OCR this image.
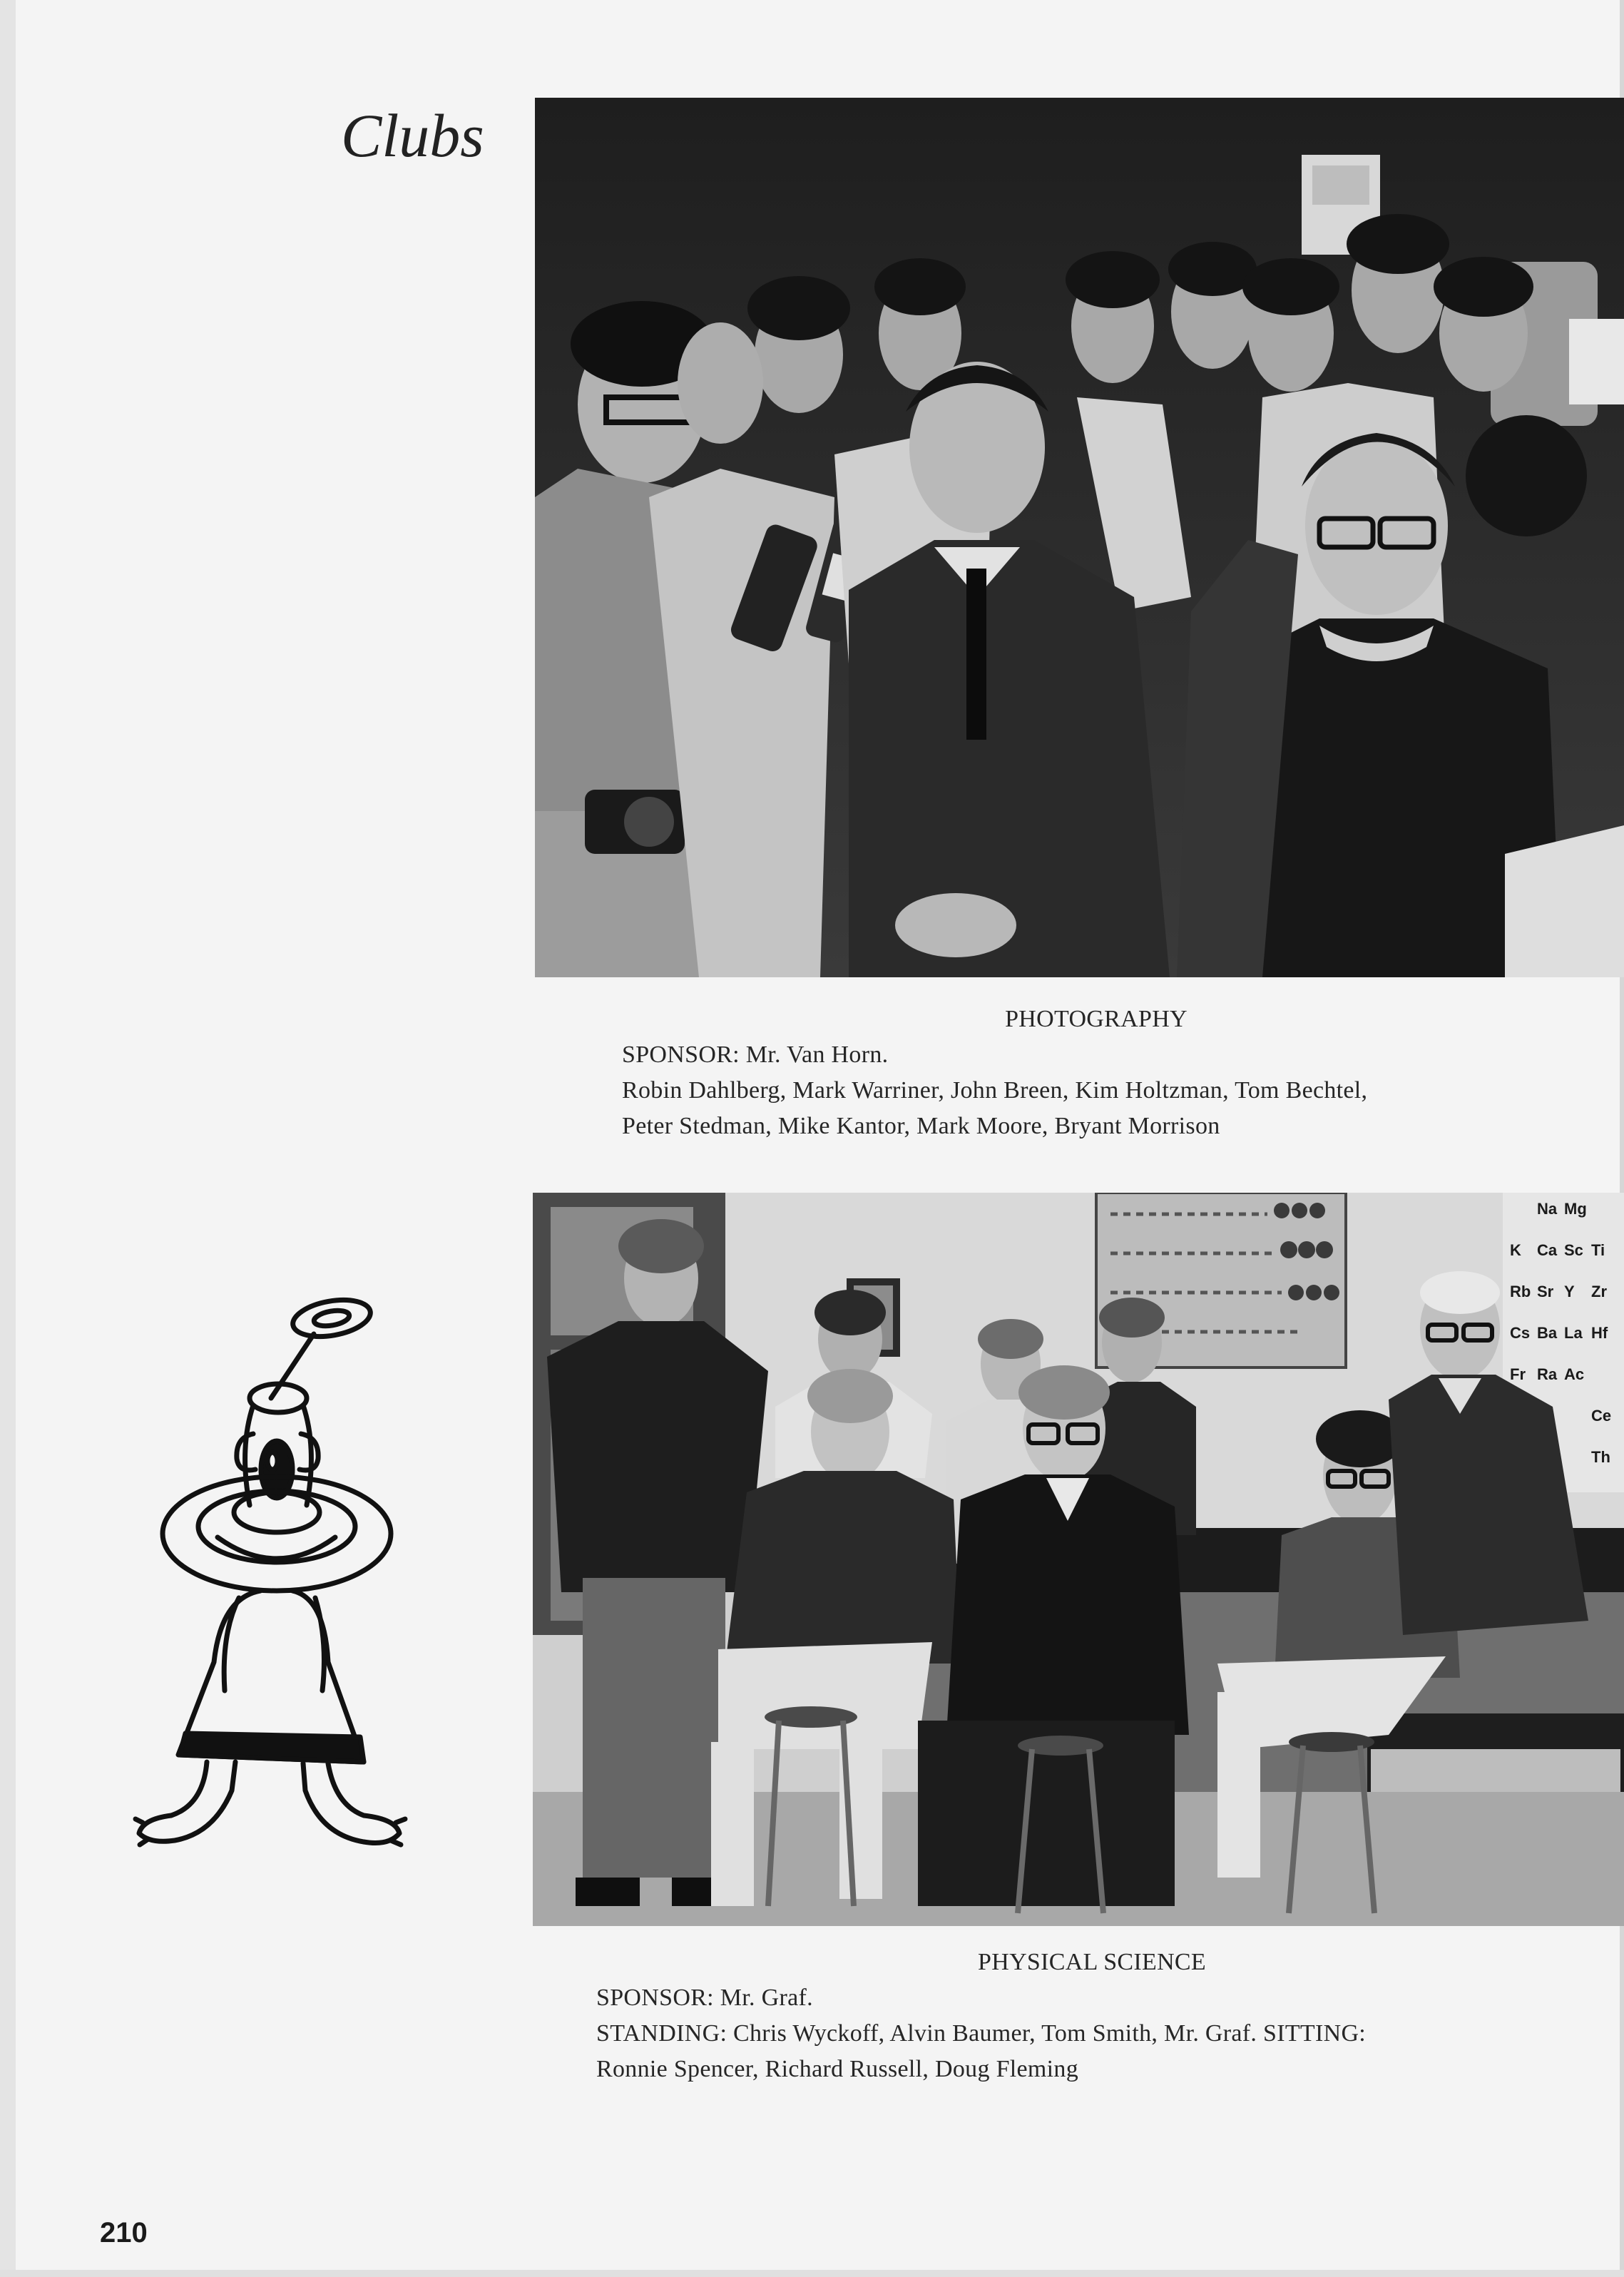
Clubs
PHOTOGRAPHY
SPONSOR: Mr. Van Horn.
Robin Dahlberg, Mark Warriner, John Breen, Kim Holtzman, Tom Bechtel,
Peter Stedman, Mike Kantor, Mark Moore, Bryant Morrison
Na Mg
K Ca Sc Ti
Rb Sr Y Zr
Cs Ba La Hf
Fr Ra Ac
Ce
Th
PHYSICAL SCIENCE
SPONSOR: Mr. Graf.
STANDING: Chris Wyckoff, Alvin Baumer, Tom Smith, Mr. Graf. SITTING:
Ronnie Spencer, Richard Russell, Doug Fleming
210
